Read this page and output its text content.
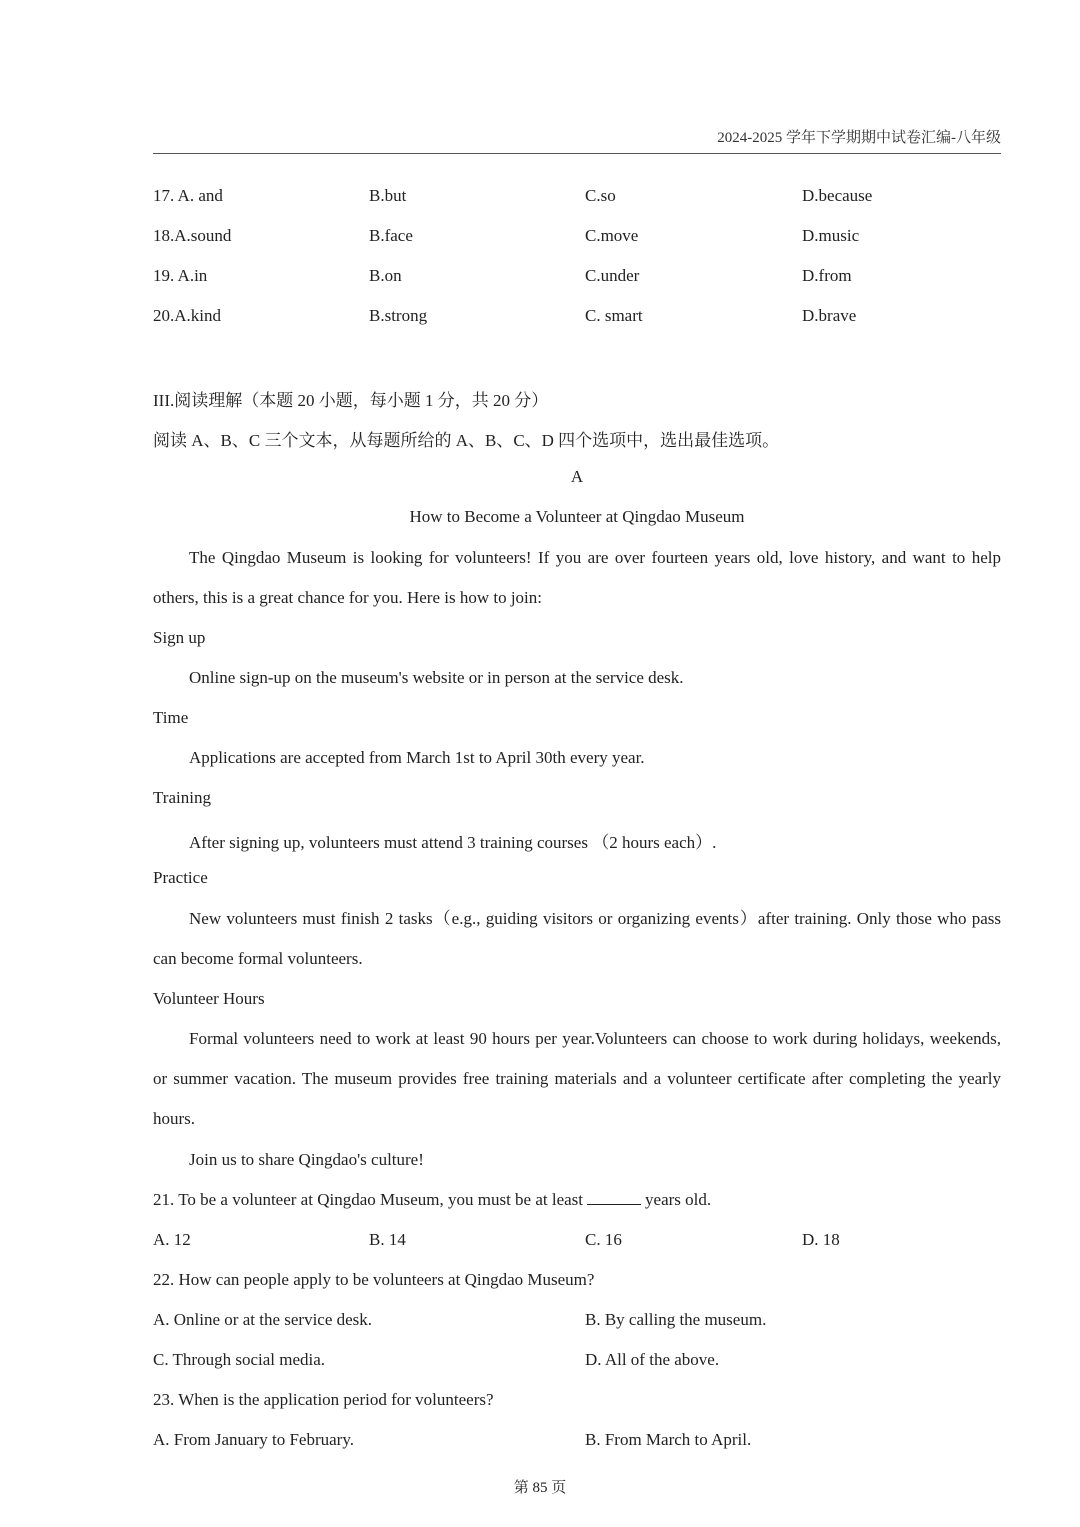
2024-2025 学年下学期期中试卷汇编-八年级
17. A. and	B.but	C.so	D.because
18.A.sound	B.face	C.move	D.music
19. A.in	B.on	C.under	D.from
20.A.kind	B.strong	C. smart	D.brave
III.阅读理解（本题 20 小题，每小题 1 分，共 20 分）
阅读 A、B、C 三个文本，从每题所给的 A、B、C、D 四个选项中，选出最佳选项。
A
How to Become a Volunteer at Qingdao Museum
The Qingdao Museum is looking for volunteers! If you are over fourteen years old, love history, and want to help others, this is a great chance for you. Here is how to join:
Sign up
Online sign-up on the museum's website or in person at the service desk.
Time
Applications are accepted from March 1st to April 30th every year.
Training
After signing up, volunteers must attend 3 training courses （2 hours each）.
Practice
New volunteers must finish 2 tasks（e.g., guiding visitors or organizing events）after training. Only those who pass can become formal volunteers.
Volunteer Hours
Formal volunteers need to work at least 90 hours per year.Volunteers can choose to work during holidays, weekends, or summer vacation. The museum provides free training materials and a volunteer certificate after completing the yearly hours.
Join us to share Qingdao's culture!
21. To be a volunteer at Qingdao Museum, you must be at least	years old.
A. 12	B. 14	C. 16	D. 18
22. How can people apply to be volunteers at Qingdao Museum?
A. Online or at the service desk.	B. By calling the museum.
C. Through social media.	D. All of the above.
23. When is the application period for volunteers?
A. From January to February.	B. From March to April.
第 85 页
